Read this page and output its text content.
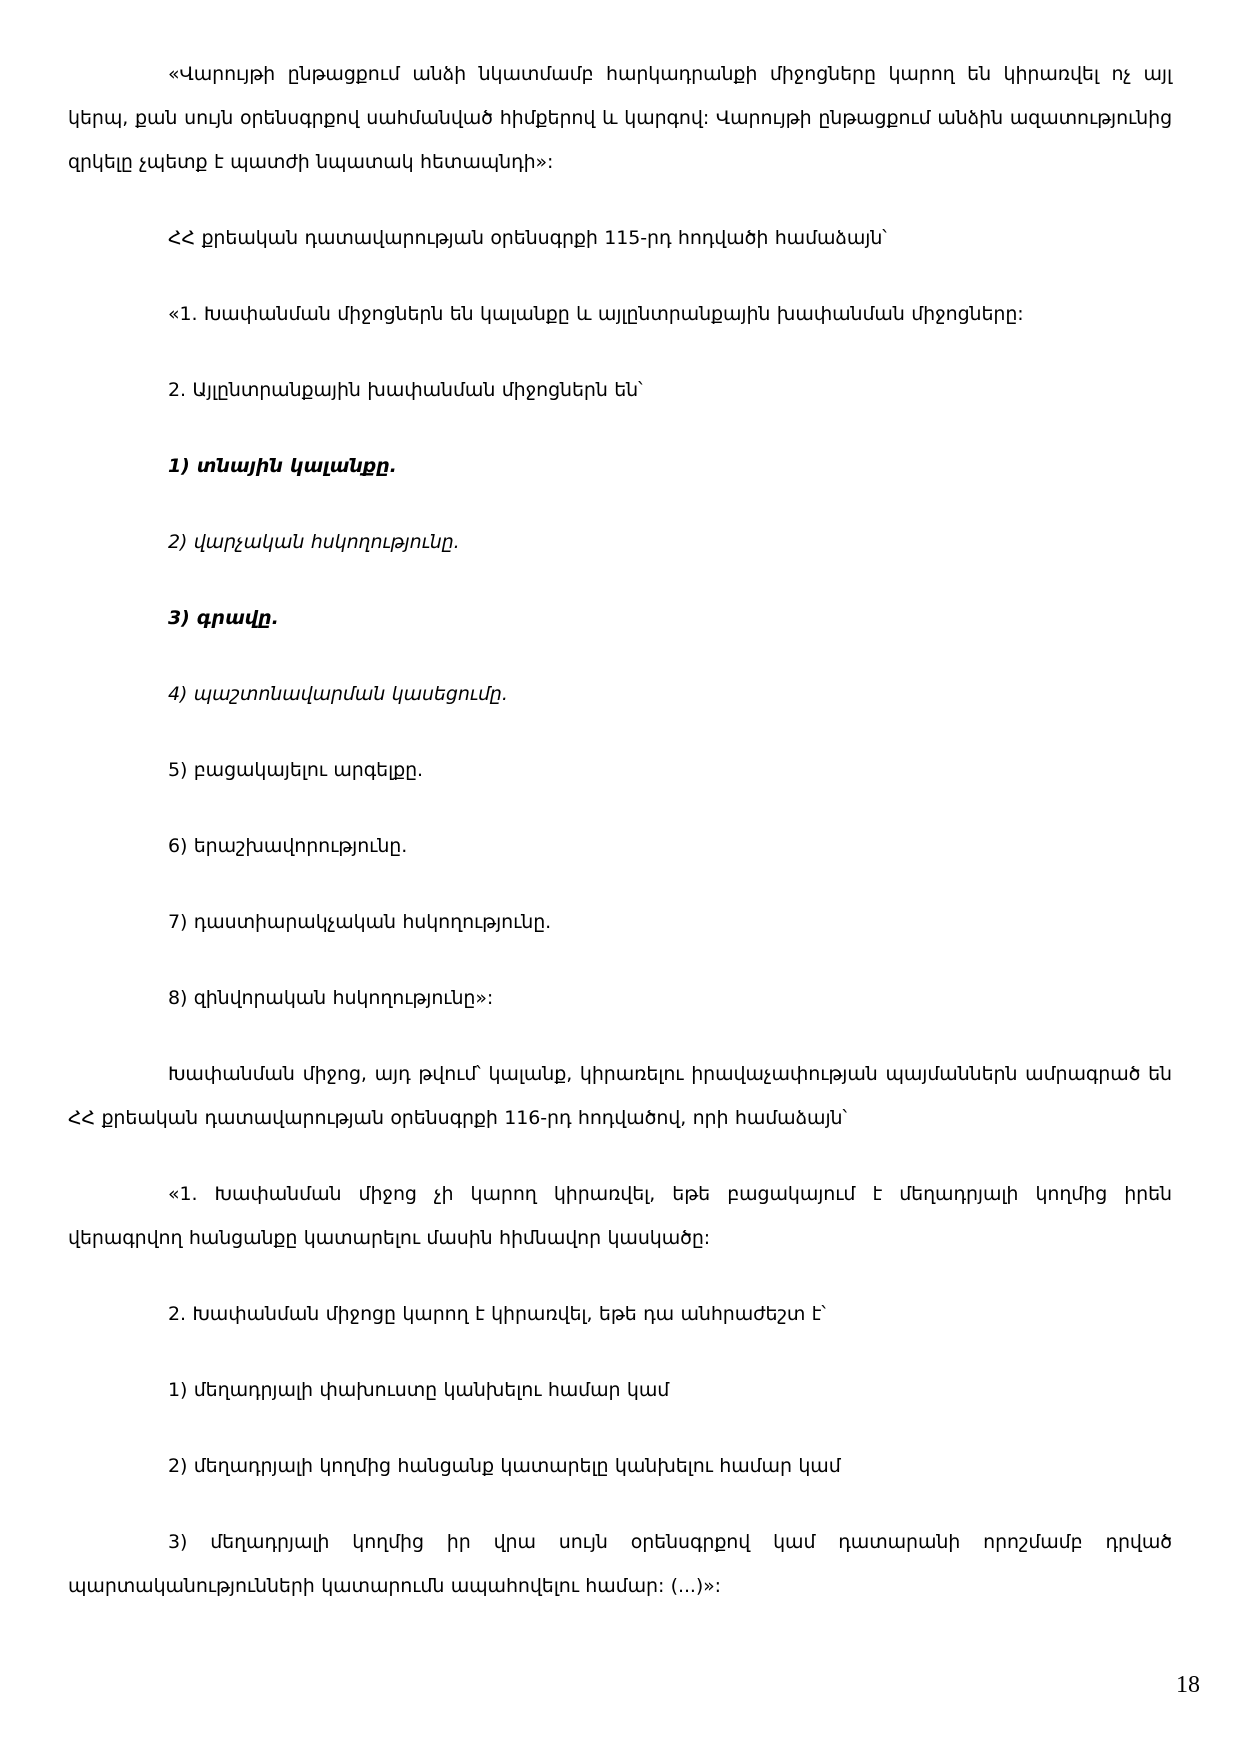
«Վարույթի ընթացքում անձի նկատմամբ հարկադրանքի միջոցները կարող են կիրառվել ոչ այլ կերպ, քան սույն օրենսգրքով սահմանված հիմքերով և կարգով: Վարույթի ընթացքում անձին ազատությունից զրկելը չպետք է պատժի նպատակ հետապնդի»:

ՀՀ քրեական դատավարության օրենսգրքի 115-րդ հոդվածի համաձայն՝

«1. Խափանման միջոցներն են կալանքը և այլընտրանքային խափանման միջոցները:

2. Այլընտրանքային խափանման միջոցներն են՝

1) տնային կալանքը.

2) վարչական հսկողությունը.

3) գրավը.

4) պաշտոնավարման կասեցումը.

5) բացակայելու արգելքը.

6) երաշխավորությունը.

7) դաստիարակչական հսկողությունը.

8) զինվորական հսկողությունը»:

Խափանման միջոց, այդ թվում՝ կալանք, կիրառելու իրավաչափության պայմաններն ամրագրած են ՀՀ քրեական դատավարության օրենսգրքի 116-րդ հոդվածով, որի համաձայն՝

«1. Խափանման միջոց չի կարող կիրառվել, եթե բացակայում է մեղադրյալի կողմից իրեն վերագրվող հանցանքը կատարելու մասին հիմնավոր կասկածը:

2. Խափանման միջոցը կարող է կիրառվել, եթե դա անհրաժեշտ է՝

1) մեղադրյալի փախուստը կանխելու համար կամ

2) մեղադրյալի կողմից հանցանք կատարելը կանխելու համար կամ

3) մեղադրյալի կողմից իր վրա սույն օրենսգրքով կամ դատարանի որոշմամբ դրված պարտականությունների կատարումն ապահովելու համար: (...)»:

18
